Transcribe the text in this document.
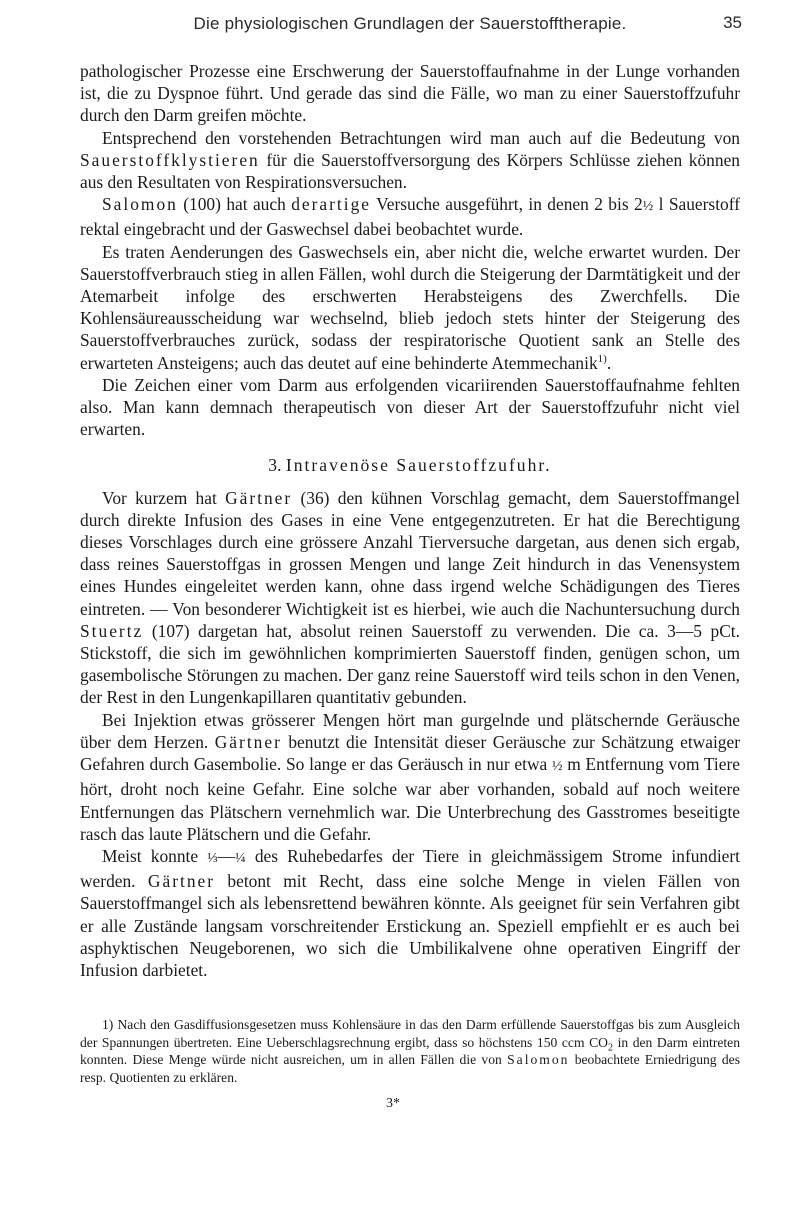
Die physiologischen Grundlagen der Sauerstofftherapie.	35

pathologischer Prozesse eine Erschwerung der Sauerstoffaufnahme in der Lunge vorhanden ist, die zu Dyspnoe führt. Und gerade das sind die Fälle, wo man zu einer Sauerstoffzufuhr durch den Darm greifen möchte.

Entsprechend den vorstehenden Betrachtungen wird man auch auf die Bedeutung von Sauerstoffklystieren für die Sauerstoffversorgung des Körpers Schlüsse ziehen können aus den Resultaten von Respirationsversuchen.

Salomon (100) hat auch derartige Versuche ausgeführt, in denen 2 bis 2½ l Sauerstoff rektal eingebracht und der Gaswechsel dabei beobachtet wurde.

Es traten Aenderungen des Gaswechsels ein, aber nicht die, welche erwartet wurden. Der Sauerstoffverbrauch stieg in allen Fällen, wohl durch die Steigerung der Darmtätigkeit und der Atemarbeit infolge des erschwerten Herabsteigens des Zwerchfells. Die Kohlensäureausscheidung war wechselnd, blieb jedoch stets hinter der Steigerung des Sauerstoffverbrauches zurück, sodass der respiratorische Quotient sank an Stelle des erwarteten Ansteigens; auch das deutet auf eine behinderte Atemmechanik$^{1)}$.

Die Zeichen einer vom Darm aus erfolgenden vicariirenden Sauerstoffaufnahme fehlten also. Man kann demnach therapeutisch von dieser Art der Sauerstoffzufuhr nicht viel erwarten.

3. Intravenöse Sauerstoffzufuhr.

Vor kurzem hat Gärtner (36) den kühnen Vorschlag gemacht, dem Sauerstoffmangel durch direkte Infusion des Gases in eine Vene entgegenzutreten. Er hat die Berechtigung dieses Vorschlages durch eine grössere Anzahl Tierversuche dargetan, aus denen sich ergab, dass reines Sauerstoffgas in grossen Mengen und lange Zeit hindurch in das Venensystem eines Hundes eingeleitet werden kann, ohne dass irgend welche Schädigungen des Tieres eintreten. — Von besonderer Wichtigkeit ist es hierbei, wie auch die Nachuntersuchung durch Stuertz (107) dargetan hat, absolut reinen Sauerstoff zu verwenden. Die ca. 3—5 pCt. Stickstoff, die sich im gewöhnlichen komprimierten Sauerstoff finden, genügen schon, um gasembolische Störungen zu machen. Der ganz reine Sauerstoff wird teils schon in den Venen, der Rest in den Lungenkapillaren quantitativ gebunden.

Bei Injektion etwas grösserer Mengen hört man gurgelnde und plätschernde Geräusche über dem Herzen. Gärtner benutzt die Intensität dieser Geräusche zur Schätzung etwaiger Gefahren durch Gasembolie. So lange er das Geräusch in nur etwa ½ m Entfernung vom Tiere hört, droht noch keine Gefahr. Eine solche war aber vorhanden, sobald auf noch weitere Entfernungen das Plätschern vernehmlich war. Die Unterbrechung des Gasstromes beseitigte rasch das laute Plätschern und die Gefahr.

Meist konnte ⅓—¼ des Ruhebedarfes der Tiere in gleichmässigem Strome infundiert werden. Gärtner betont mit Recht, dass eine solche Menge in vielen Fällen von Sauerstoffmangel sich als lebensrettend bewähren könnte. Als geeignet für sein Verfahren gibt er alle Zustände langsam vorschreitender Erstickung an. Speziell empfiehlt er es auch bei asphyktischen Neugeborenen, wo sich die Umbilikalvene ohne operativen Eingriff der Infusion darbietet.

1) Nach den Gasdiffusionsgesetzen muss Kohlensäure in das den Darm erfüllende Sauerstoffgas bis zum Ausgleich der Spannungen übertreten. Eine Ueberschlagsrechnung ergibt, dass so höchstens 150 ccm $CO_2$ in den Darm eintreten konnten. Diese Menge würde nicht ausreichen, um in allen Fällen die von Salomon beobachtete Erniedrigung des resp. Quotienten zu erklären.

3*
